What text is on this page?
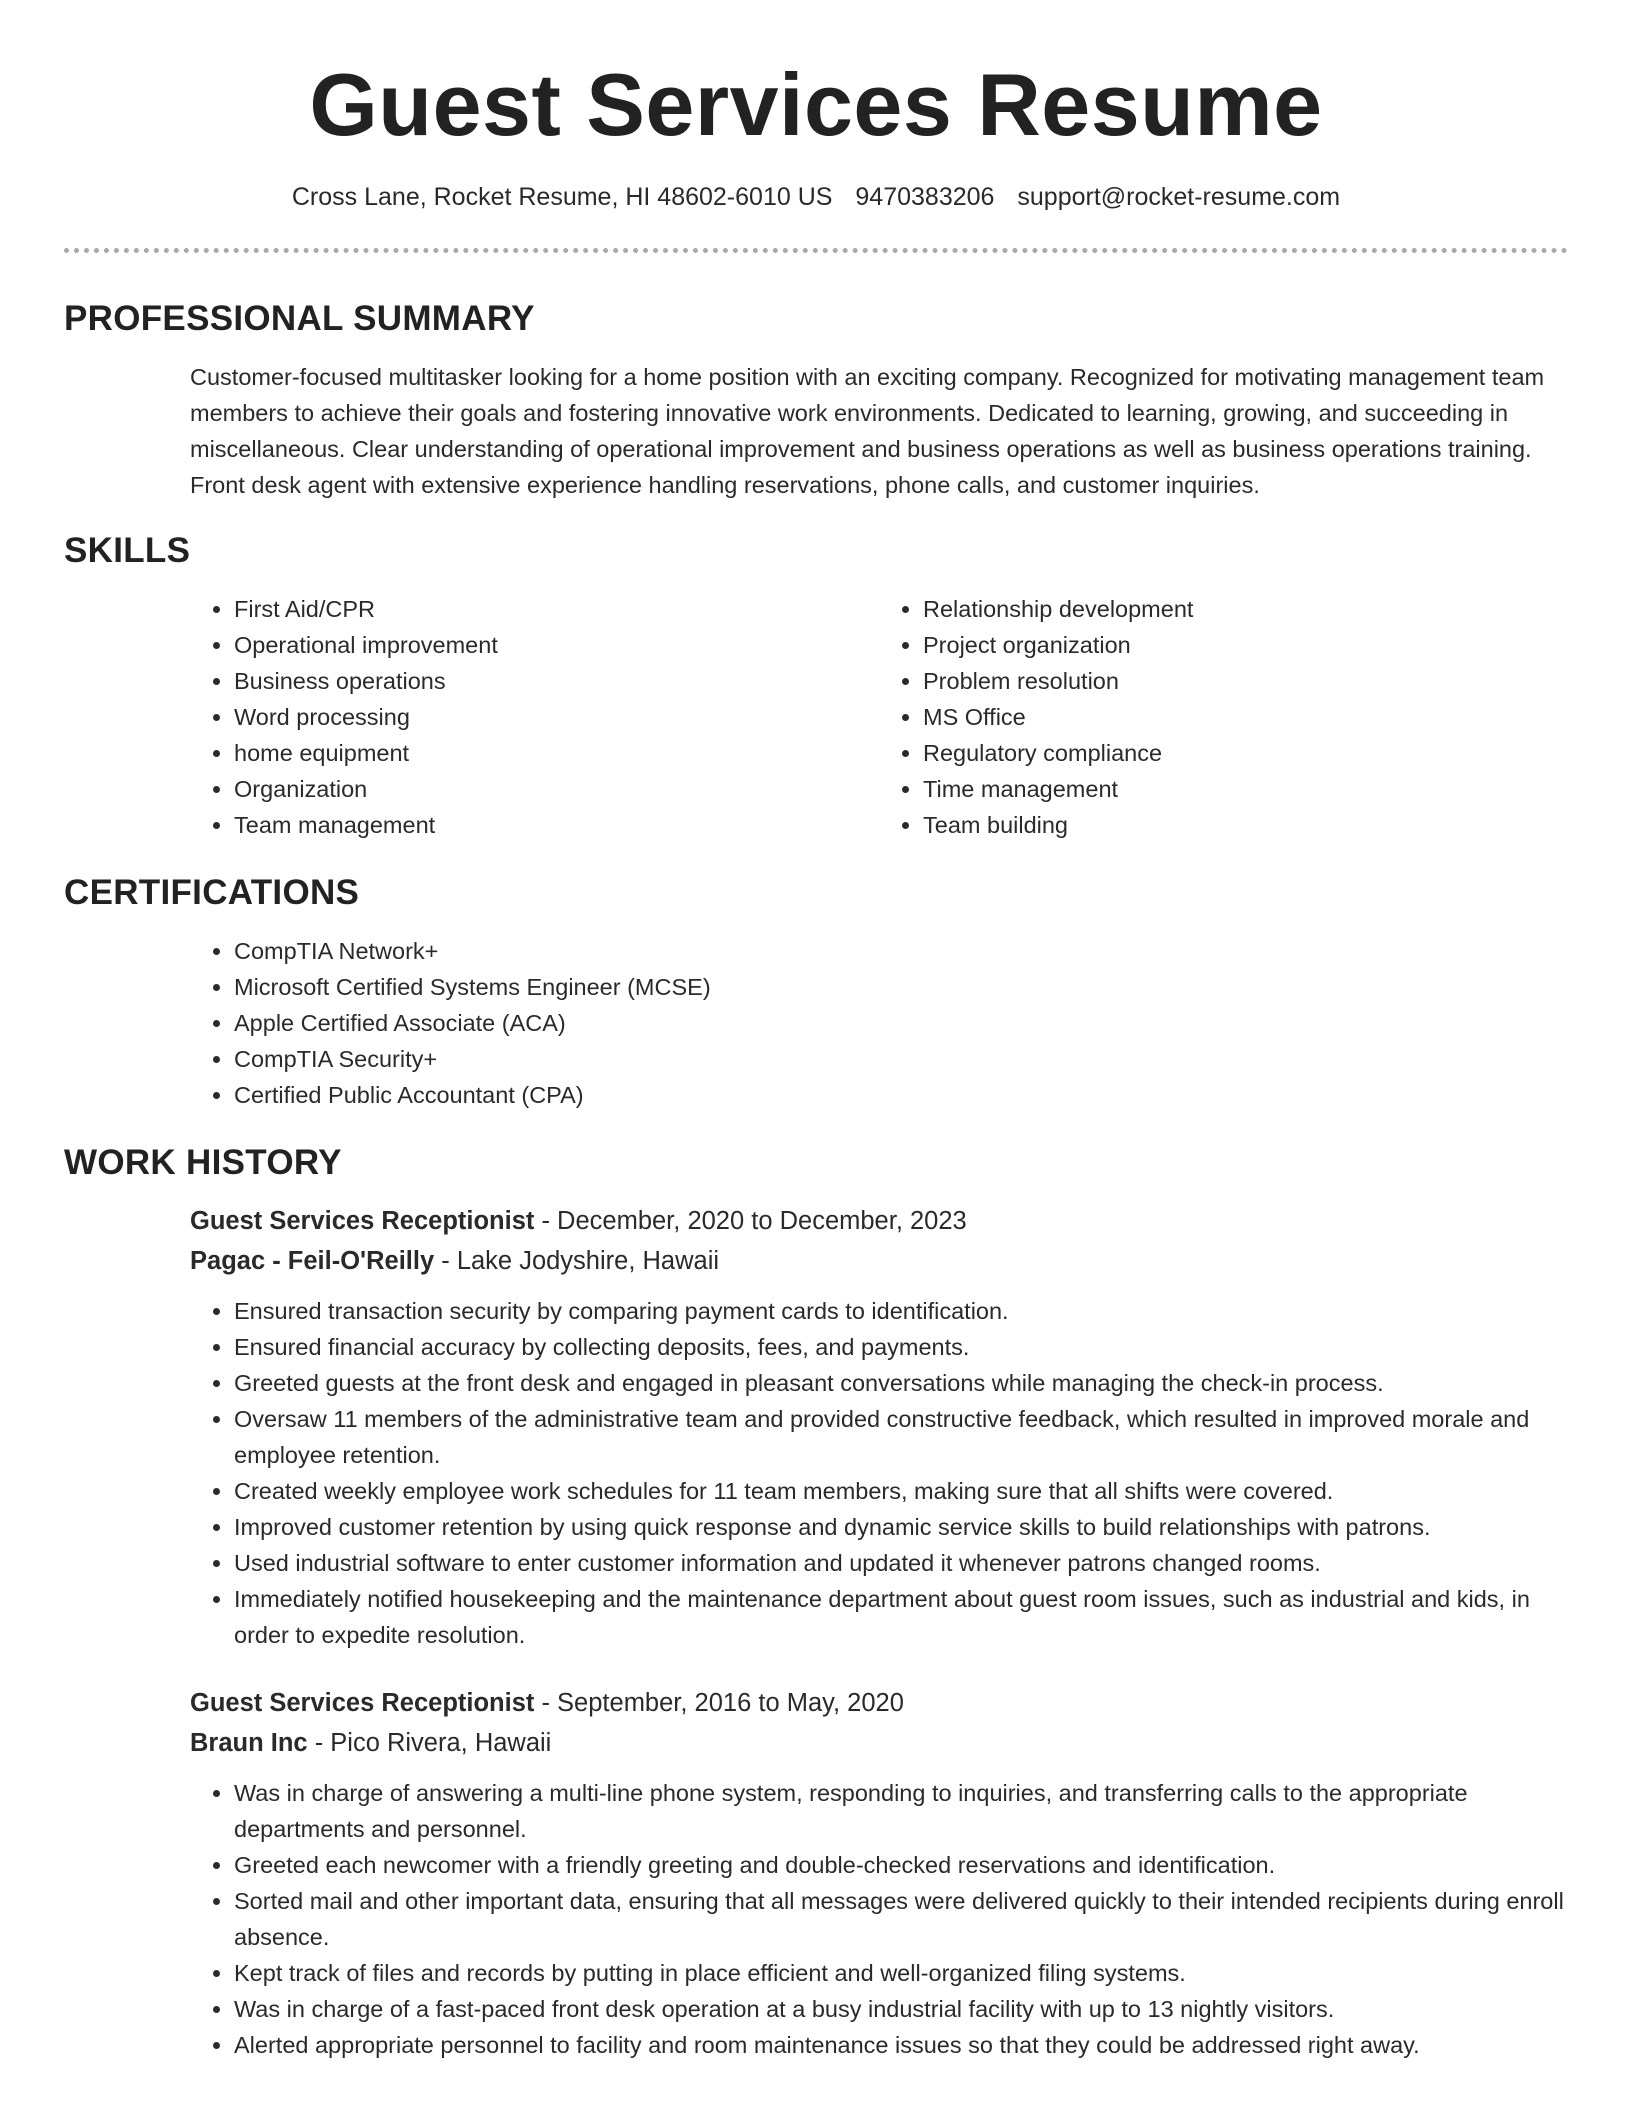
Guest Services Resume
Cross Lane, Rocket Resume, HI 48602-6010 US 9470383206 support@rocket-resume.com
PROFESSIONAL SUMMARY

Customer-focused multitasker looking for a home position with an exciting company. Recognized for motivating management team members to achieve their goals and fostering innovative work environments. Dedicated to learning, growing, and succeeding in miscellaneous. Clear understanding of operational improvement and business operations as well as business operations training. Front desk agent with extensive experience handling reservations, phone calls, and customer inquiries.

SKILLS
• First Aid/CPR
• Operational improvement
• Business operations
• Word processing
• home equipment
• Organization
• Team management
• Relationship development
• Project organization
• Problem resolution
• MS Office
• Regulatory compliance
• Time management
• Team building
CERTIFICATIONS
• CompTIA Network+
• Microsoft Certified Systems Engineer (MCSE)
• Apple Certified Associate (ACA)
• CompTIA Security+
• Certified Public Accountant (CPA)
WORK HISTORY
Guest Services Receptionist - December, 2020 to December, 2023
Pagac - Feil-O'Reilly - Lake Jodyshire, Hawaii
• Ensured transaction security by comparing payment cards to identification.
• Ensured financial accuracy by collecting deposits, fees, and payments.
• Greeted guests at the front desk and engaged in pleasant conversations while managing the check-in process.
• Oversaw 11 members of the administrative team and provided constructive feedback, which resulted in improved morale and employee retention.
• Created weekly employee work schedules for 11 team members, making sure that all shifts were covered.
• Improved customer retention by using quick response and dynamic service skills to build relationships with patrons.
• Used industrial software to enter customer information and updated it whenever patrons changed rooms.
• Immediately notified housekeeping and the maintenance department about guest room issues, such as industrial and kids, in order to expedite resolution.
Guest Services Receptionist - September, 2016 to May, 2020
Braun Inc - Pico Rivera, Hawaii
• Was in charge of answering a multi-line phone system, responding to inquiries, and transferring calls to the appropriate departments and personnel.
• Greeted each newcomer with a friendly greeting and double-checked reservations and identification.
• Sorted mail and other important data, ensuring that all messages were delivered quickly to their intended recipients during enroll absence.
• Kept track of files and records by putting in place efficient and well-organized filing systems.
• Was in charge of a fast-paced front desk operation at a busy industrial facility with up to 13 nightly visitors.
• Alerted appropriate personnel to facility and room maintenance issues so that they could be addressed right away.
